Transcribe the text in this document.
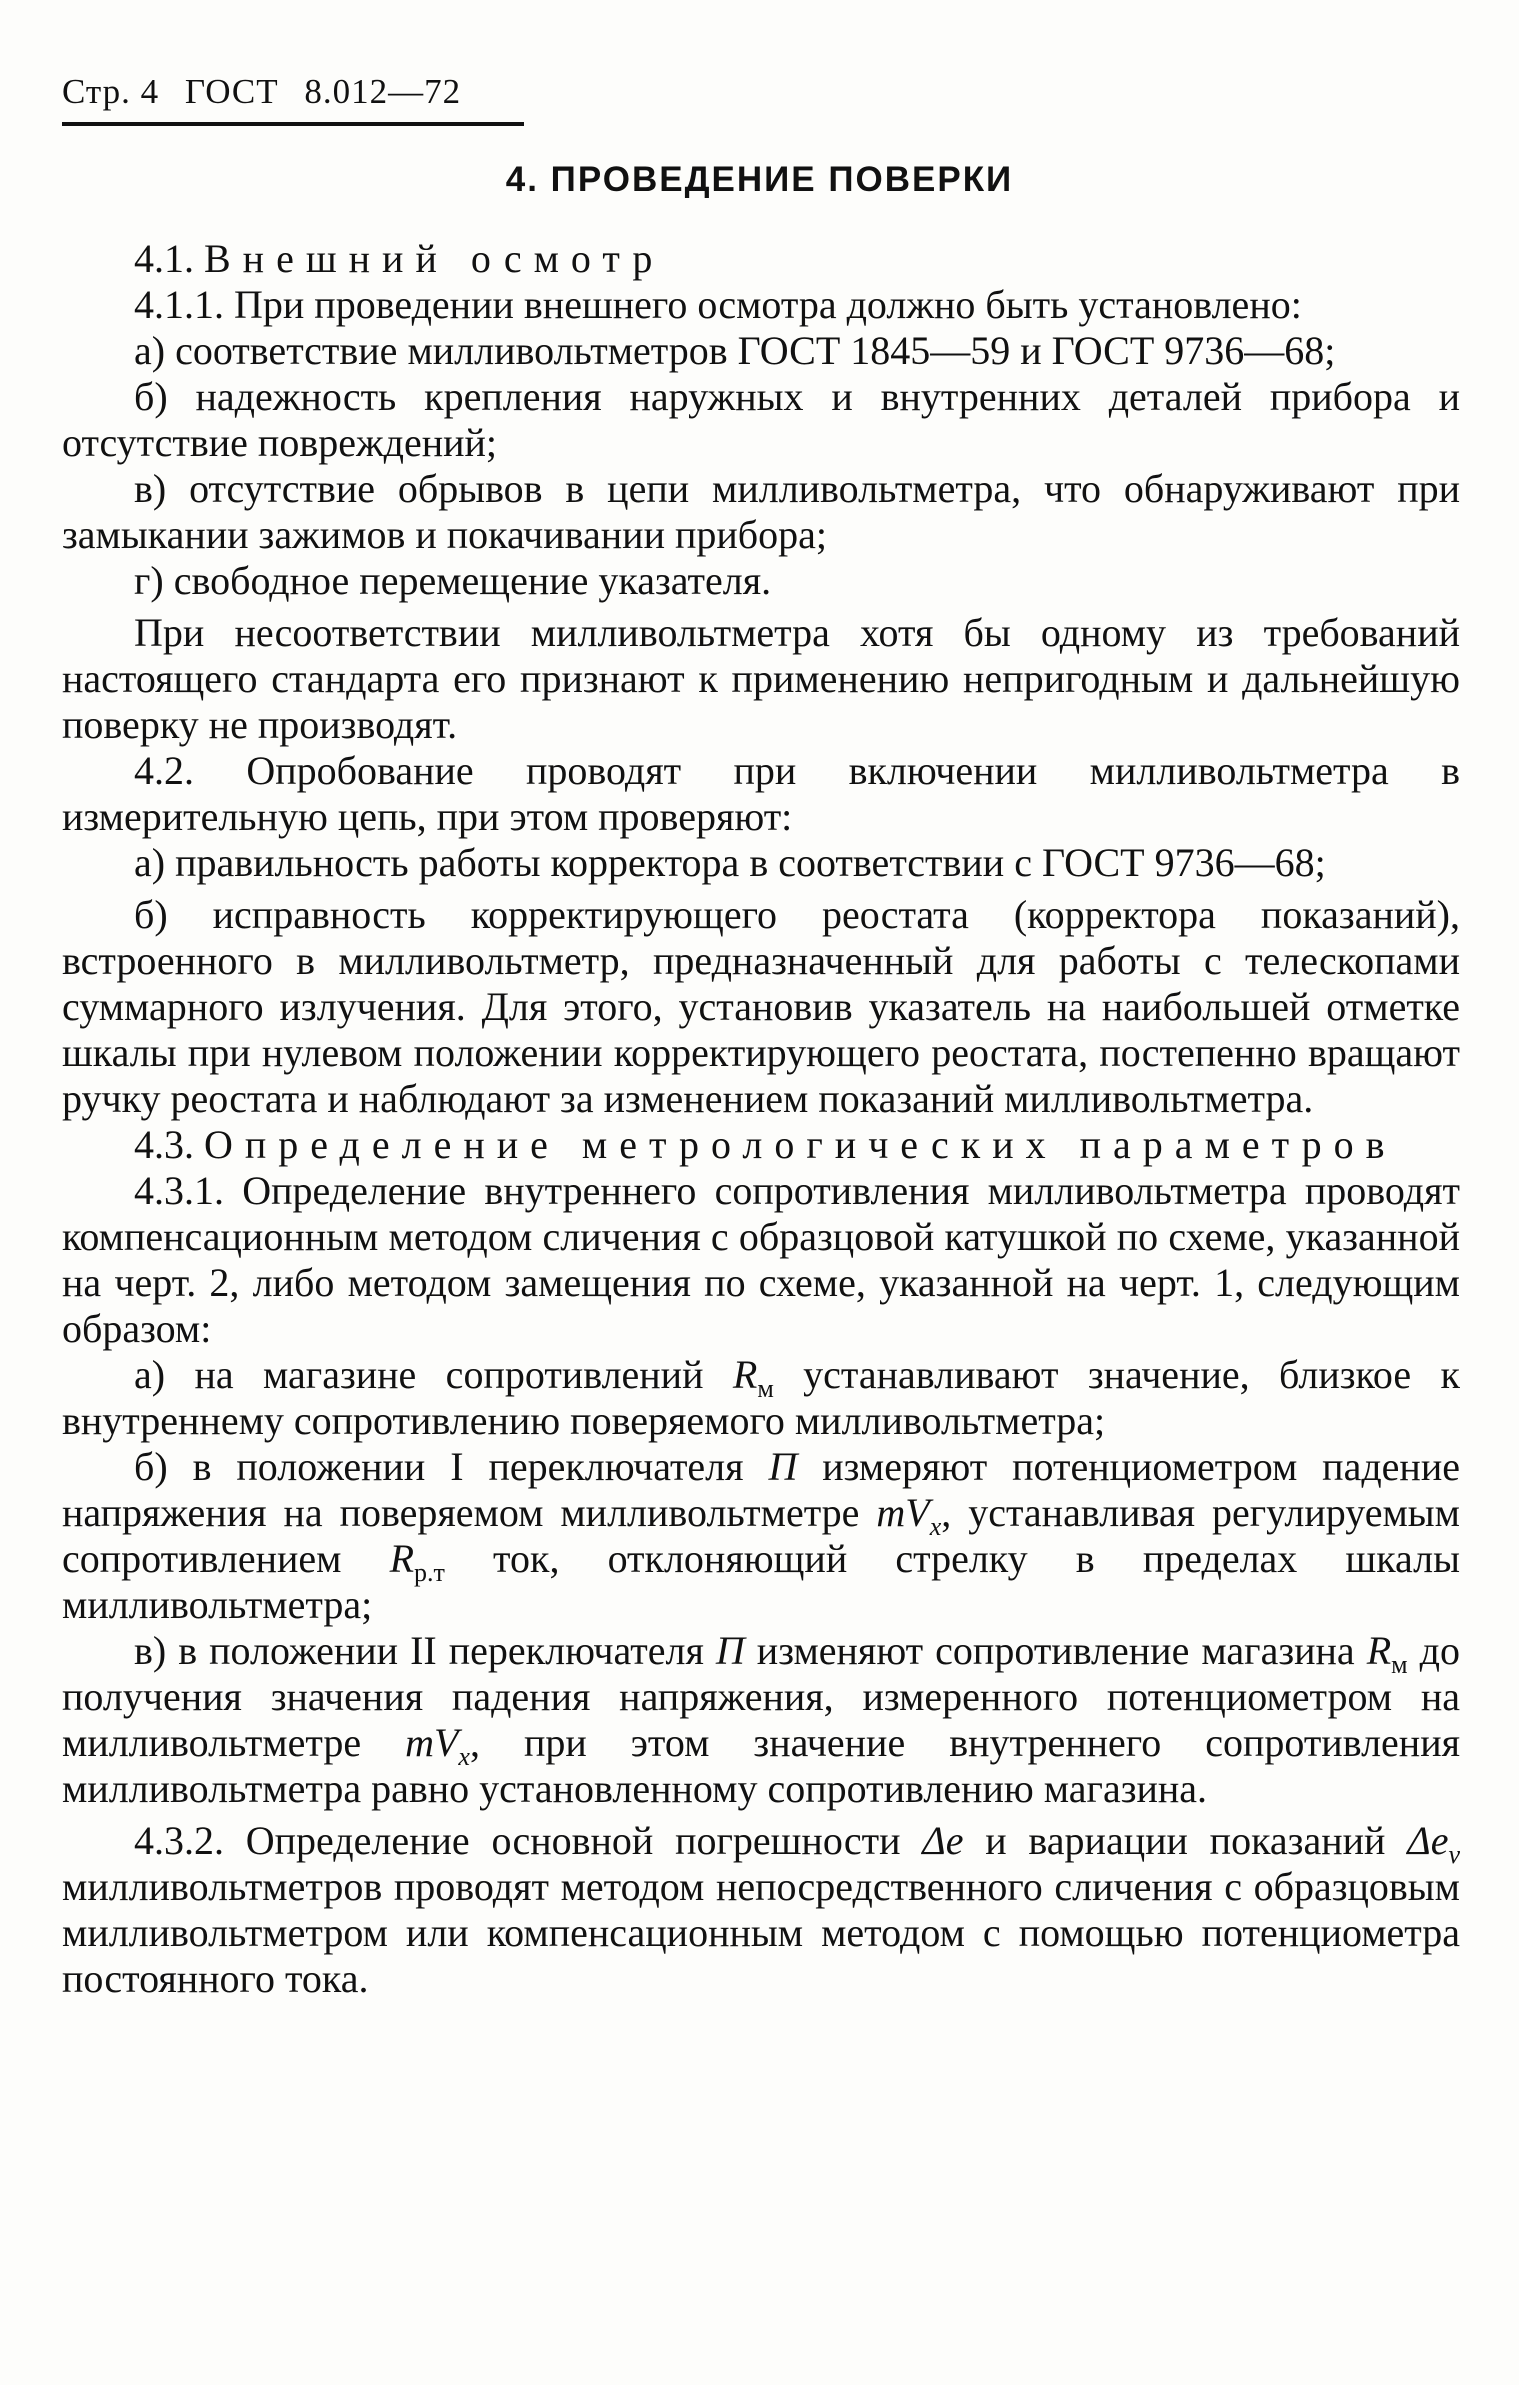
Стр. 4 ГОСТ 8.012—72
4. ПРОВЕДЕНИЕ ПОВЕРКИ

4.1. Внешний осмотр

4.1.1. При проведении внешнего осмотра должно быть установлено:

а) соответствие милливольтметров ГОСТ 1845—59 и ГОСТ 9736—68;

б) надежность крепления наружных и внутренних деталей прибора и отсутствие повреждений;

в) отсутствие обрывов в цепи милливольтметра, что обнаруживают при замыкании зажимов и покачивании прибора;

г) свободное перемещение указателя.

При несоответствии милливольтметра хотя бы одному из требований настоящего стандарта его признают к применению непригодным и дальнейшую поверку не производят.

4.2. Опробование проводят при включении милливольтметра в измерительную цепь, при этом проверяют:

а) правильность работы корректора в соответствии с ГОСТ 9736—68;

б) исправность корректирующего реостата (корректора показаний), встроенного в милливольтметр, предназначенный для работы с телескопами суммарного излучения. Для этого, установив указатель на наибольшей отметке шкалы при нулевом положении корректирующего реостата, постепенно вращают ручку реостата и наблюдают за изменением показаний милливольтметра.

4.3. Определение метрологических параметров

4.3.1. Определение внутреннего сопротивления милливольтметра проводят компенсационным методом сличения с образцовой катушкой по схеме, указанной на черт. 2, либо методом замещения по схеме, указанной на черт. 1, следующим образом:

а) на магазине сопротивлений $R_м$ устанавливают значение, близкое к внутреннему сопротивлению поверяемого милливольтметра;

б) в положении I переключателя П измеряют потенциометром падение напряжения на поверяемом милливольтметре $mV_x$, устанавливая регулируемым сопротивлением $R_{р.т}$ ток, отклоняющий стрелку в пределах шкалы милливольтметра;

в) в положении II переключателя П изменяют сопротивление магазина $R_м$ до получения значения падения напряжения, измеренного потенциометром на милливольтметре $mV_x$, при этом значение внутреннего сопротивления милливольтметра равно установленному сопротивлению магазина.

4.3.2. Определение основной погрешности Δe и вариации показаний $\Delta e_v$ милливольтметров проводят методом непосредственного сличения с образцовым милливольтметром или компенсационным методом с помощью потенциометра постоянного тока.
